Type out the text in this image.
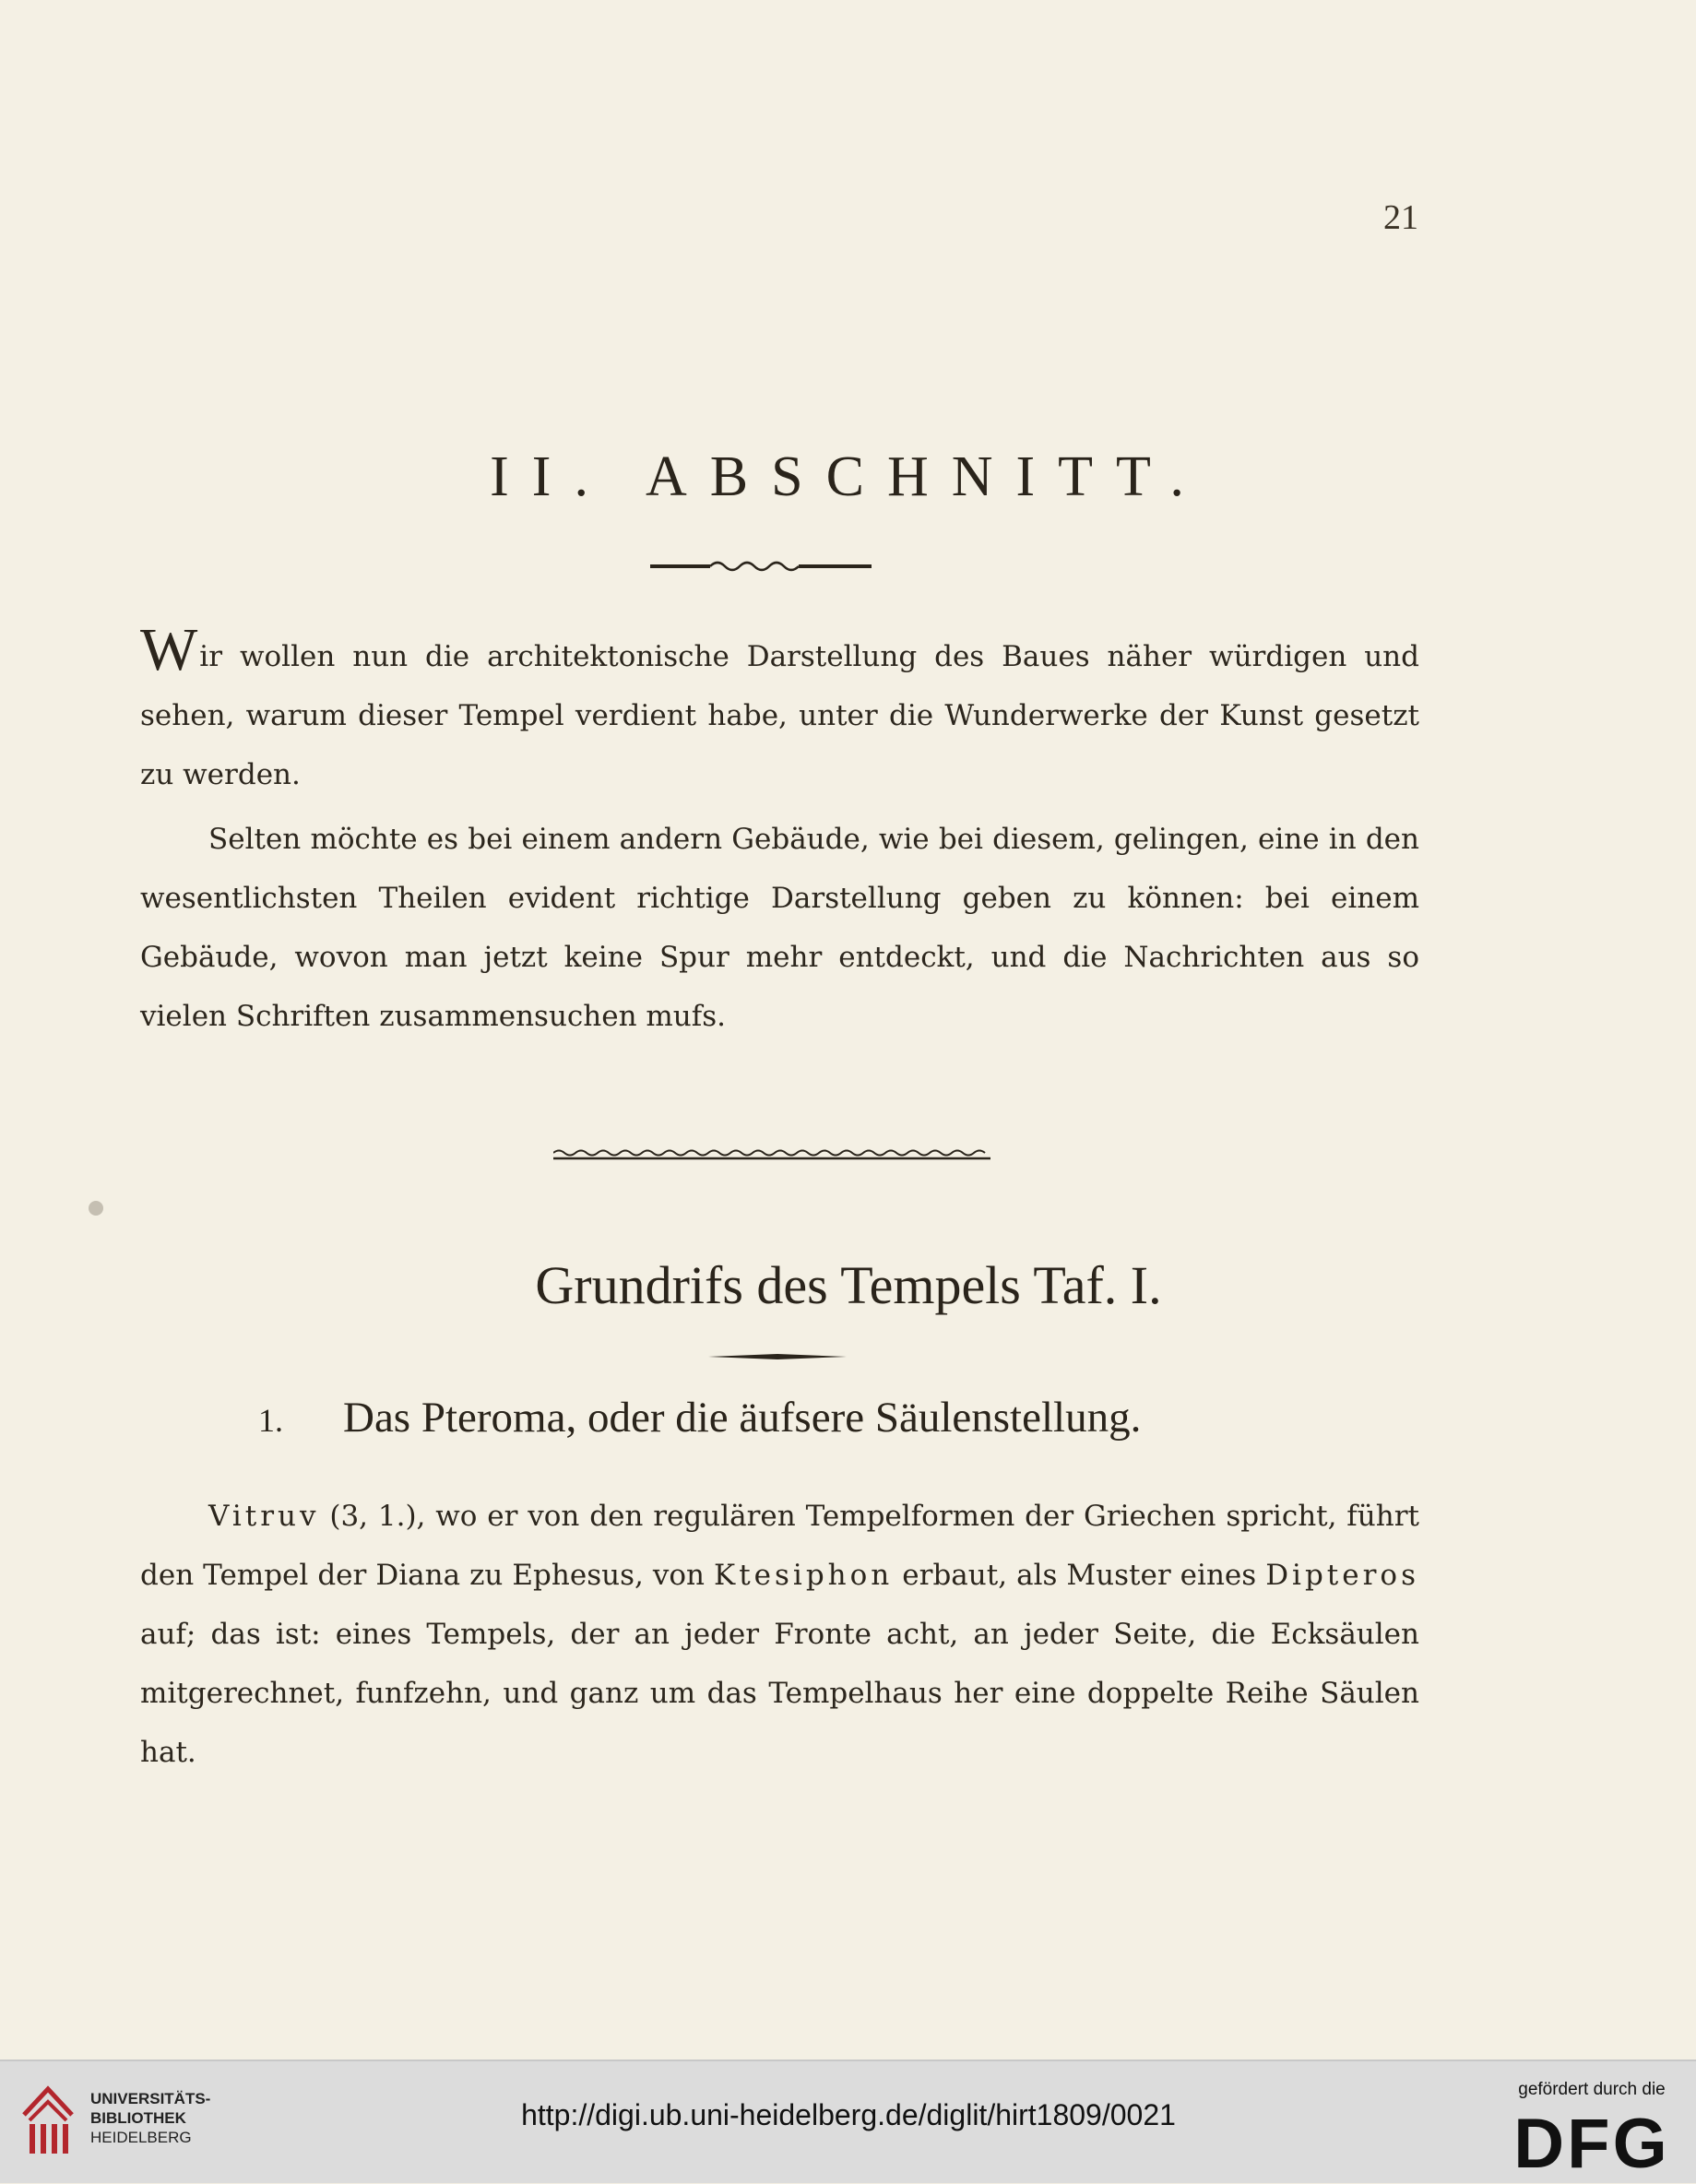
21
II. ABSCHNITT.
Wir wollen nun die architektonische Darstellung des Baues näher würdigen und sehen, warum dieser Tempel verdient habe, unter die Wunderwerke der Kunst gesetzt zu werden.
Selten möchte es bei einem andern Gebäude, wie bei diesem, gelingen, eine in den wesentlichsten Theilen evident richtige Darstellung geben zu können: bei einem Gebäude, wovon man jetzt keine Spur mehr entdeckt, und die Nachrichten aus so vielen Schriften zusammensuchen mufs.
Grundrifs des Tempels Taf. I.
1. Das Pteroma, oder die äufsere Säulenstellung.
Vitruv (3, 1.), wo er von den regulären Tempelformen der Griechen spricht, führt den Tempel der Diana zu Ephesus, von Ktesiphon erbaut, als Muster eines Dipteros auf; das ist: eines Tempels, der an jeder Fronte acht, an jeder Seite, die Ecksäulen mitgerechnet, funfzehn, und ganz um das Tempelhaus her eine doppelte Reihe Säulen hat.
UNIVERSITÄTS-
BIBLIOTHEK
HEIDELBERG
http://digi.ub.uni-heidelberg.de/diglit/hirt1809/0021
gefördert durch die
DFG
